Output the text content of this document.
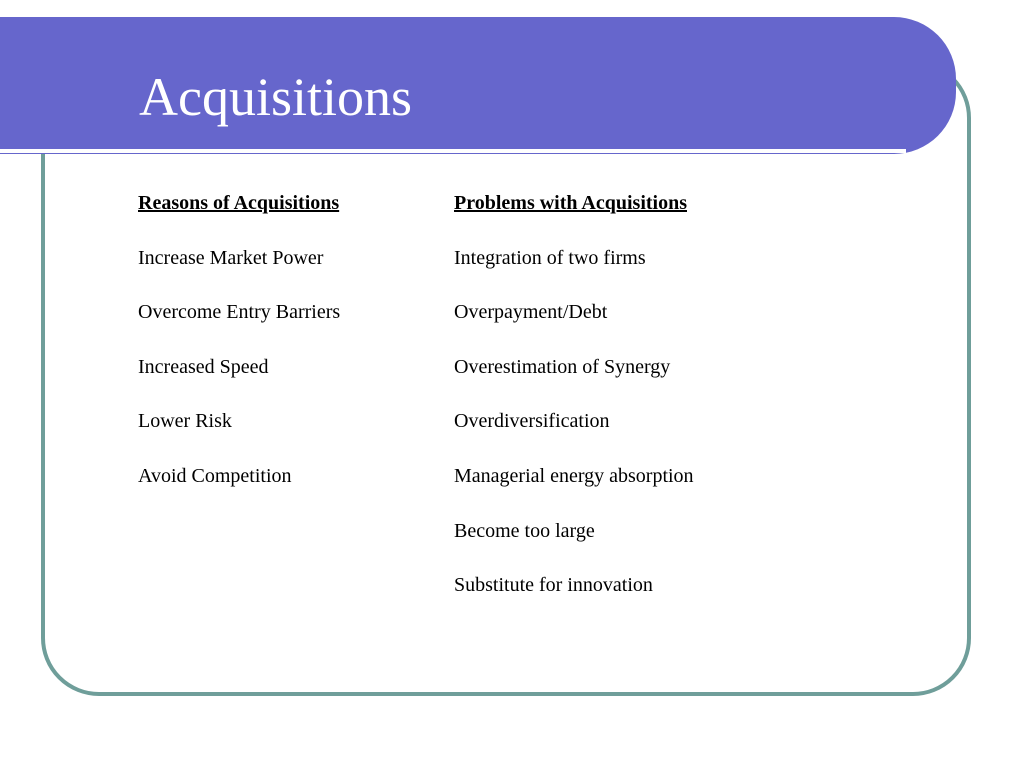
Acquisitions
Reasons of Acquisitions
Increase Market Power
Overcome Entry Barriers
Increased Speed
Lower Risk
Avoid Competition
Problems with Acquisitions
Integration of two firms
Overpayment/Debt
Overestimation of Synergy
Overdiversification
Managerial energy absorption
Become too large
Substitute for innovation
